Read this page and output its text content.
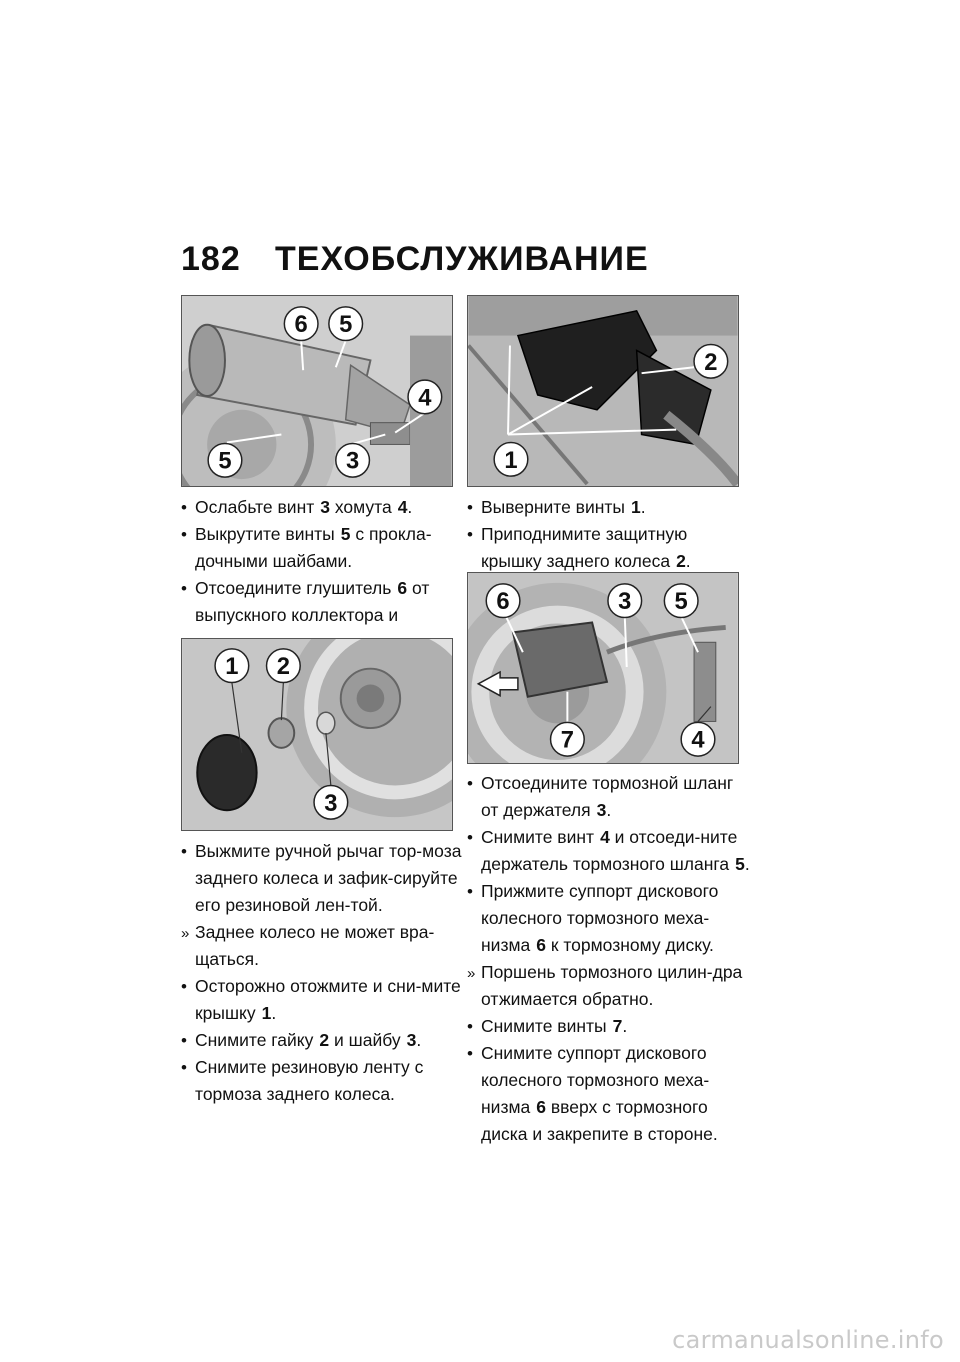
182	ТЕХОБСЛУЖИВАНИЕ
6 5
4
5	3
• Ослабьте винт 3 хомута 4.
• Выкрутите винты 5 с прокла-дочными шайбами.
• Отсоедините глушитель 6 от выпускного коллектора и
1 2
3
• Выжмите ручной рычаг тор-моза заднего колеса и зафик-сируйте его резиновой лен-той.
» Заднее колесо не может вра-щаться.
• Осторожно отожмите и сни-мите крышку 1.
• Снимите гайку 2 и шайбу 3.
• Снимите резиновую ленту с тормоза заднего колеса.
2
1
• Выверните винты 1.
• Приподнимите защитную крышку заднего колеса 2.
6	3 5
7	4
• Отсоедините тормозной шланг от держателя 3.
• Снимите винт 4 и отсоеди-ните держатель тормозного шланга 5.
• Прижмите суппорт дискового колесного тормозного меха-низма 6 к тормозному диску.
» Поршень тормозного цилин-дра отжимается обратно.
• Снимите винты 7.
• Снимите суппорт дискового колесного тормозного меха-низма 6 вверх с тормозного диска и закрепите в стороне.
carmanualsonline.info
